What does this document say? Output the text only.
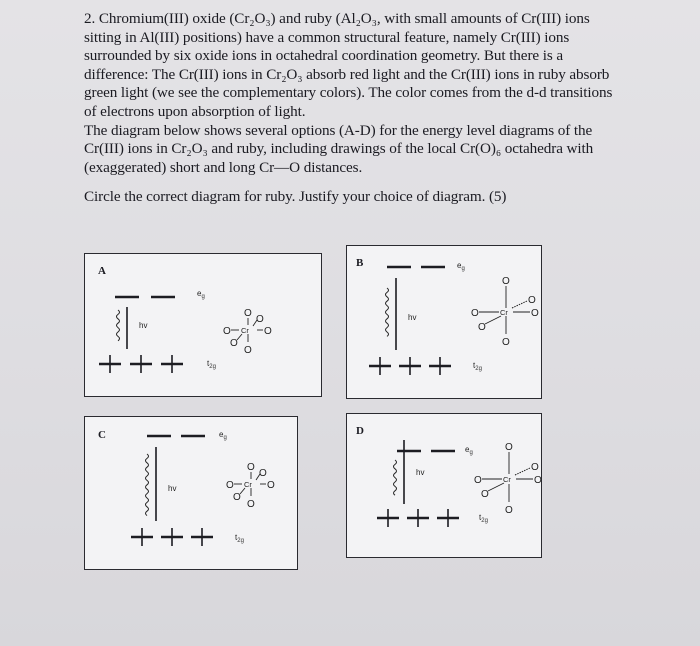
2. Chromium(III) oxide (Cr₂O₃) and ruby (Al₂O₃, with small amounts of Cr(III) ions

sitting in Al(III) positions) have a common structural feature, namely Cr(III) ions

surrounded by six oxide ions in octahedral coordination geometry. But there is a

difference: The Cr(III) ions in Cr₂O₃ absorb red light and the Cr(III) ions in ruby absorb

green light (we see the complementary colors). The color comes from the d-d transitions

of electrons upon absorption of light.

The diagram below shows several options (A-D) for the energy level diagrams of the

Cr(III) ions in Cr₂O₃ and ruby, including drawings of the local Cr(O)₆ octahedra with

(exaggerated) short and long Cr—O distances.

Circle the correct diagram for ruby. Justify your choice of diagram. (5)

A
hv
$e_g$
$t_{2g}$
O
O
O	O
O
O
Cr
B
hv
$e_g$
$t_{2g}$
O
O
O	O
O
O
Cr
C
hv
$e_g$
$t_{2g}$
O
O
O	O
O
O
Cr
D
hv
$e_g$
$t_{2g}$
O
O
O	O
O
O
Cr
